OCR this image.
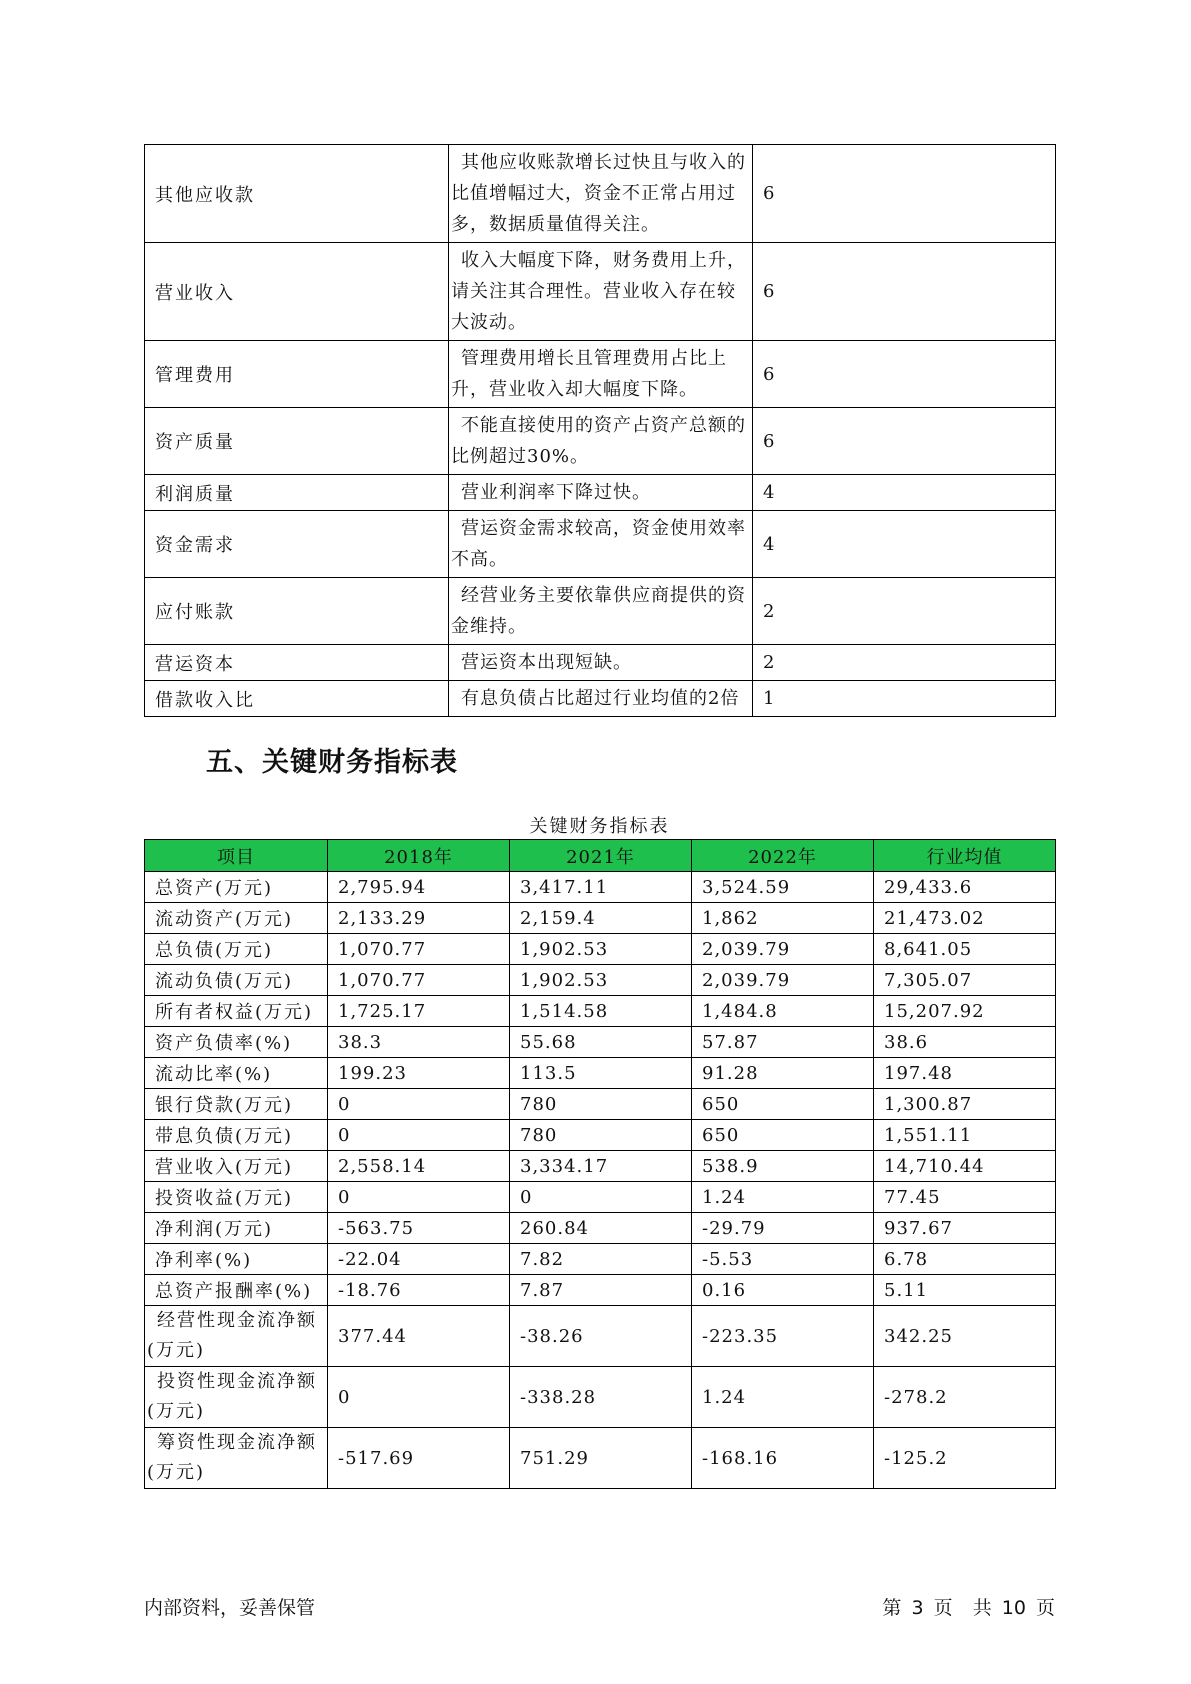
其他应收款	其他应收账款增长过快且与收入的比值增幅过大，资金不正常占用过多，数据质量值得关注。	6
营业收入	收入大幅度下降，财务费用上升，请关注其合理性。营业收入存在较大波动。	6
管理费用	管理费用增长且管理费用占比上升，营业收入却大幅度下降。	6
资产质量	不能直接使用的资产占资产总额的比例超过30%。	6
利润质量	营业利润率下降过快。	4
资金需求	营运资金需求较高，资金使用效率不高。	4
应付账款	经营业务主要依靠供应商提供的资金维持。	2
营运资本	营运资本出现短缺。	2
借款收入比	有息负债占比超过行业均值的2倍	1
五、关键财务指标表
关键财务指标表
项目	2018年	2021年	2022年	行业均值
总资产(万元)	2,795.94	3,417.11	3,524.59	29,433.6
流动资产(万元)	2,133.29	2,159.4	1,862	21,473.02
总负债(万元)	1,070.77	1,902.53	2,039.79	8,641.05
流动负债(万元)	1,070.77	1,902.53	2,039.79	7,305.07
所有者权益(万元)	1,725.17	1,514.58	1,484.8	15,207.92
资产负债率(%)	38.3	55.68	57.87	38.6
流动比率(%)	199.23	113.5	91.28	197.48
银行贷款(万元)	0	780	650	1,300.87
带息负债(万元)	0	780	650	1,551.11
营业收入(万元)	2,558.14	3,334.17	538.9	14,710.44
投资收益(万元)	0	0	1.24	77.45
净利润(万元)	-563.75	260.84	-29.79	937.67
净利率(%)	-22.04	7.82	-5.53	6.78
总资产报酬率(%)	-18.76	7.87	0.16	5.11
经营性现金流净额(万元)	377.44	-38.26	-223.35	342.25
投资性现金流净额(万元)	0	-338.28	1.24	-278.2
筹资性现金流净额(万元)	-517.69	751.29	-168.16	-125.2
内部资料，妥善保管	第 3 页 共 10 页
